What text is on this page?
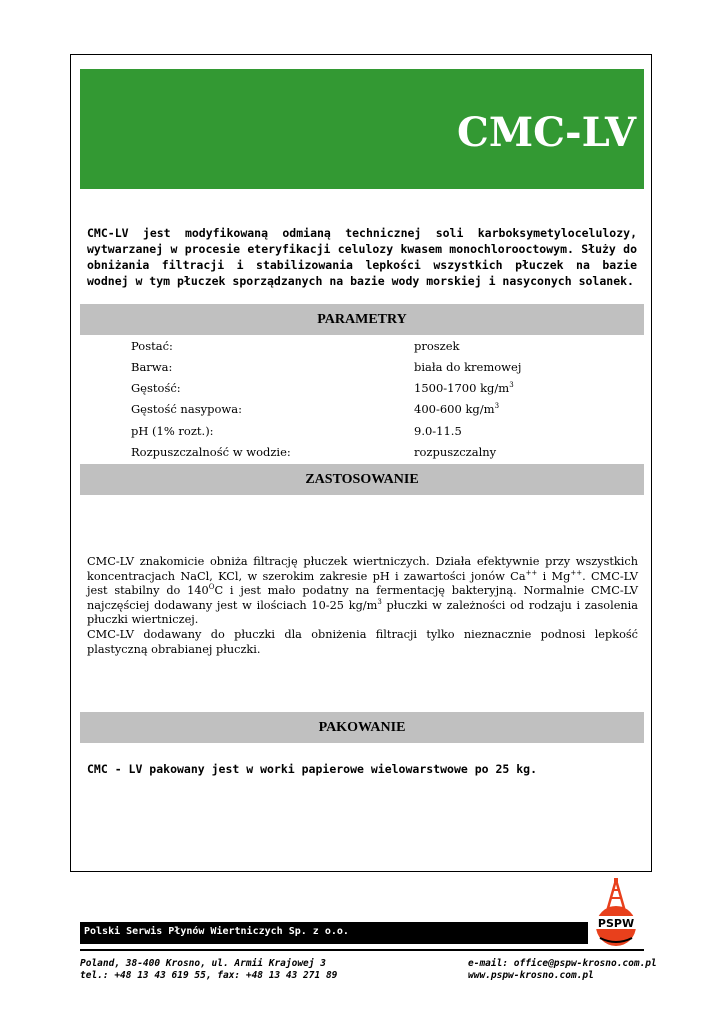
CMC-LV
CMC-LV jest modyfikowaną odmianą technicznej soli karboksymetylocelulozy, wytwarzanej w procesie eteryfikacji celulozy kwasem monochlorooctowym. Służy do obniżania filtracji i stabilizowania lepkości wszystkich płuczek na bazie wodnej w tym płuczek sporządzanych na bazie wody morskiej i nasyconych solanek.
PARAMETRY
Postać:	proszek
Barwa:	biała do kremowej
Gęstość:	1500-1700 $kg/m^3$
Gęstość nasypowa:	400-600 $kg/m^3$
pH (1% rozt.):	9.0-11.5
Rozpuszczalność w wodzie:	rozpuszczalny
ZASTOSOWANIE

CMC-LV znakomicie obniża filtrację płuczek wiertniczych. Działa efektywnie przy wszystkich koncentracjach NaCl, KCl, w szerokim zakresie pH i zawartości jonów Ca++ i Mg++. CMC-LV jest stabilny do $140^OC$ i jest mało podatny na fermentację bakteryjną. Normalnie CMC-LV najczęściej dodawany jest w ilościach 10-25 $kg/m^3$ płuczki w zależności od rodzaju i zasolenia płuczki wiertniczej.

CMC-LV dodawany do płuczki dla obniżenia filtracji tylko nieznacznie podnosi lepkość plastyczną obrabianej płuczki.

PAKOWANIE
CMC - LV pakowany jest w worki papierowe wielowarstwowe po 25 kg.
PSPW
Polski Serwis Płynów Wiertniczych Sp. z o.o.
Poland, 38-400 Krosno, ul. Armii Krajowej 3
tel.: +48 13 43 619 55, fax: +48 13 43 271 89
e-mail: office@pspw-krosno.com.pl
www.pspw-krosno.com.pl
